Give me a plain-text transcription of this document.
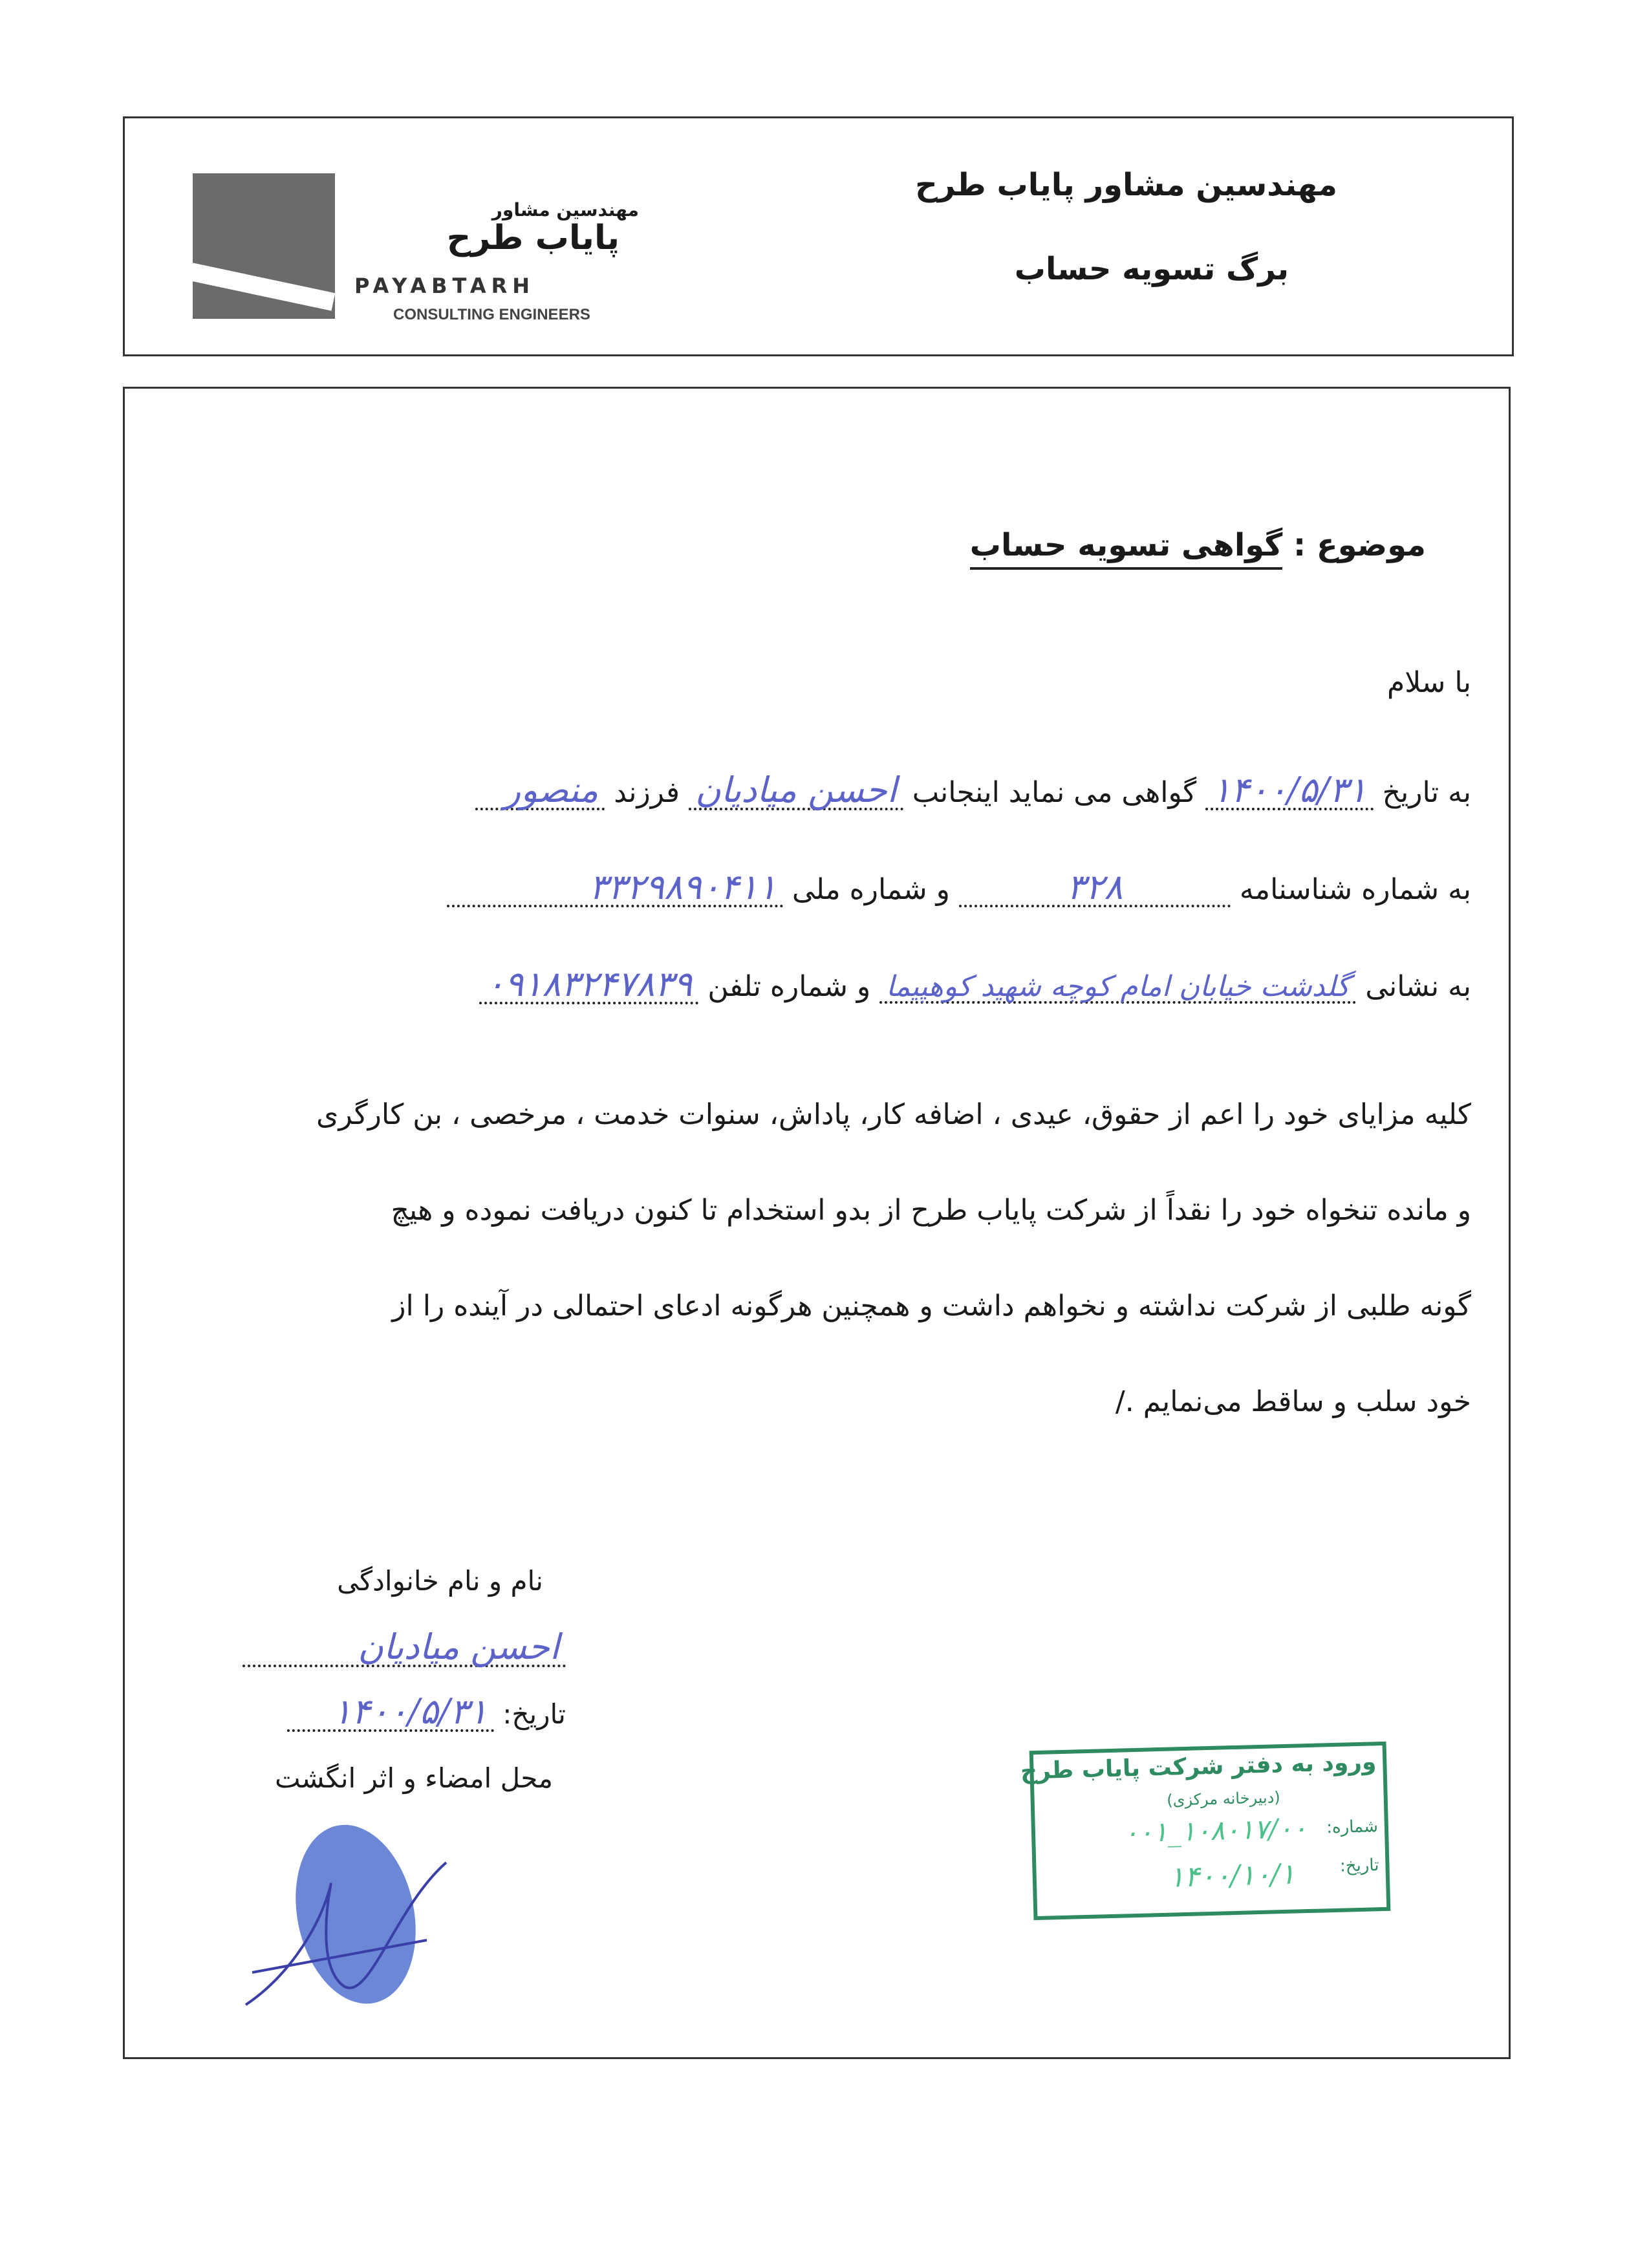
مهندسین مشاور
پایاب طرح
PAYABTARH
CONSULTING ENGINEERS
مهندسین مشاور پایاب طرح
برگ تسویه حساب
موضوع : گواهی تسویه حساب
با سلام
به تاریخ ۱۴۰۰/۵/۳۱ گواهی می نماید اینجانب احسن میادیان فرزند منصور
به شماره شناسنامه ۳۲۸ و شماره ملی ۳۳۲۹۸۹۰۴۱۱
به نشانی گلدشت خیابان امام کوچه شهید کوهپیما و شماره تلفن ۰۹۱۸۳۲۴۷۸۳۹
کلیه مزایای خود را اعم از حقوق، عیدی ، اضافه کار، پاداش، سنوات خدمت ، مرخصی ، بن کارگری
و مانده تنخواه خود را نقداً از شرکت پایاب طرح از بدو استخدام تا کنون دریافت نموده و هیچ
گونه طلبی از شرکت نداشته و نخواهم داشت و همچنین هرگونه ادعای احتمالی در آینده را از
خود سلب و ساقط می‌نمایم ./
نام و نام خانوادگی
احسن میادیان
تاریخ: ۱۴۰۰/۵/۳۱
محل امضاء و اثر انگشت	ورود به دفتر شرکت پایاب طرح
(دبیرخانه مرکزی)
شماره:
۱۰۸۰۱۷/۰۰_۰۰۱
تاریخ:
۱۴۰۰/۱۰/۱
